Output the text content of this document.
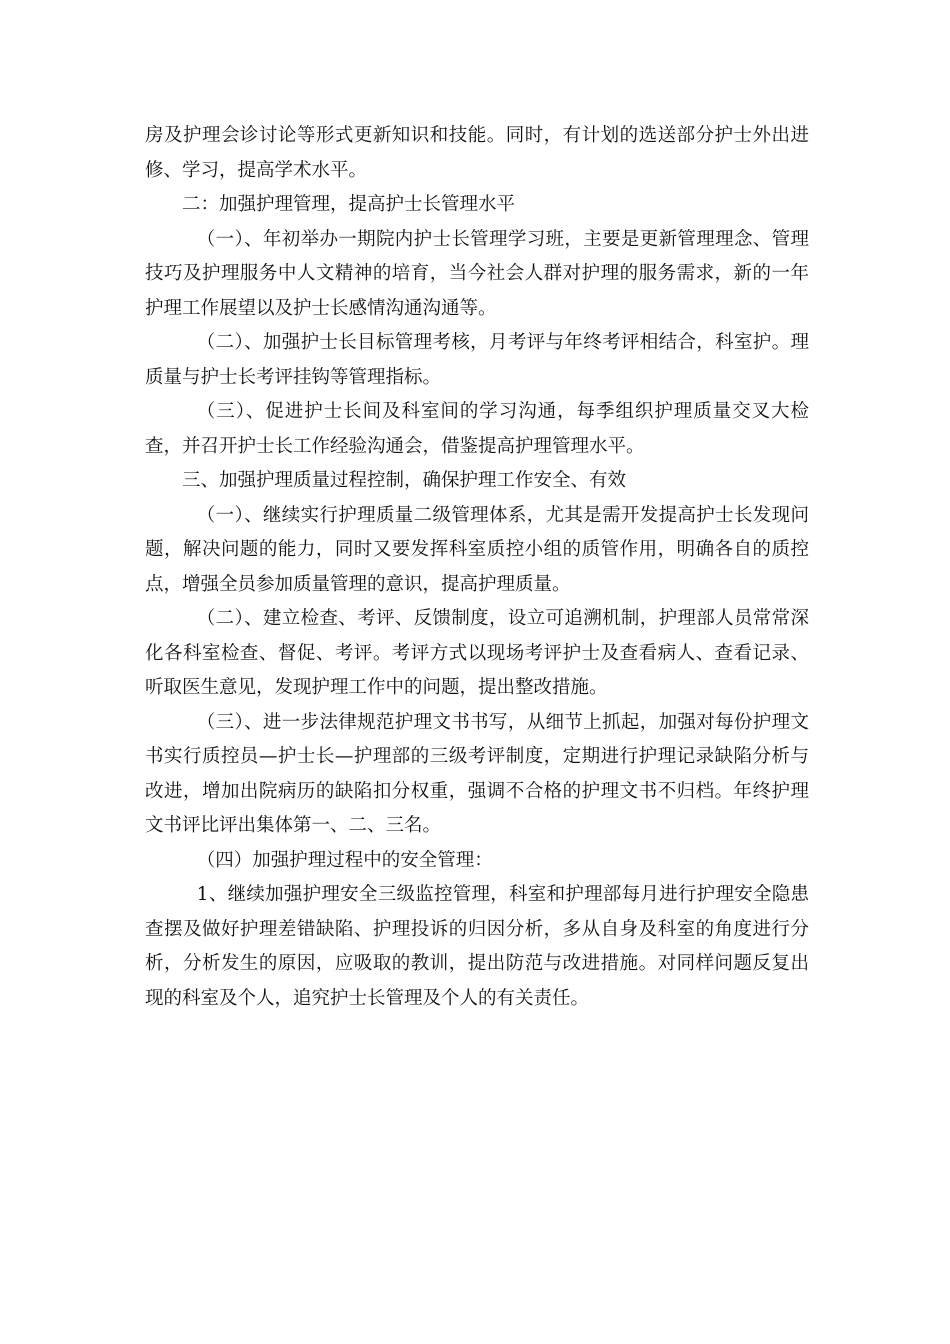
房及护理会诊讨论等形式更新知识和技能。同时，有计划的选送部分护士外出进修、学习，提高学术水平。

二：加强护理管理，提高护士长管理水平

（一）、年初举办一期院内护士长管理学习班，主要是更新管理理念、管理技巧及护理服务中人文精神的培育，当今社会人群对护理的服务需求，新的一年护理工作展望以及护士长感情沟通沟通等。

（二）、加强护士长目标管理考核，月考评与年终考评相结合，科室护。理质量与护士长考评挂钩等管理指标。

（三）、促进护士长间及科室间的学习沟通，每季组织护理质量交叉大检查，并召开护士长工作经验沟通会，借鉴提高护理管理水平。

三、加强护理质量过程控制，确保护理工作安全、有效

（一）、继续实行护理质量二级管理体系，尤其是需开发提高护士长发现问题，解决问题的能力，同时又要发挥科室质控小组的质管作用，明确各自的质控点，增强全员参加质量管理的意识，提高护理质量。

（二）、建立检查、考评、反馈制度，设立可追溯机制，护理部人员常常深化各科室检查、督促、考评。考评方式以现场考评护士及查看病人、查看记录、听取医生意见，发现护理工作中的问题，提出整改措施。

（三）、进一步法律规范护理文书书写，从细节上抓起，加强对每份护理文书实行质控员—护士长—护理部的三级考评制度，定期进行护理记录缺陷分析与改进，增加出院病历的缺陷扣分权重，强调不合格的护理文书不归档。年终护理文书评比评出集体第一、二、三名。

（四）加强护理过程中的安全管理：

1、继续加强护理安全三级监控管理，科室和护理部每月进行护理安全隐患查摆及做好护理差错缺陷、护理投诉的归因分析，多从自身及科室的角度进行分析，分析发生的原因，应吸取的教训，提出防范与改进措施。对同样问题反复出现的科室及个人，追究护士长管理及个人的有关责任。
